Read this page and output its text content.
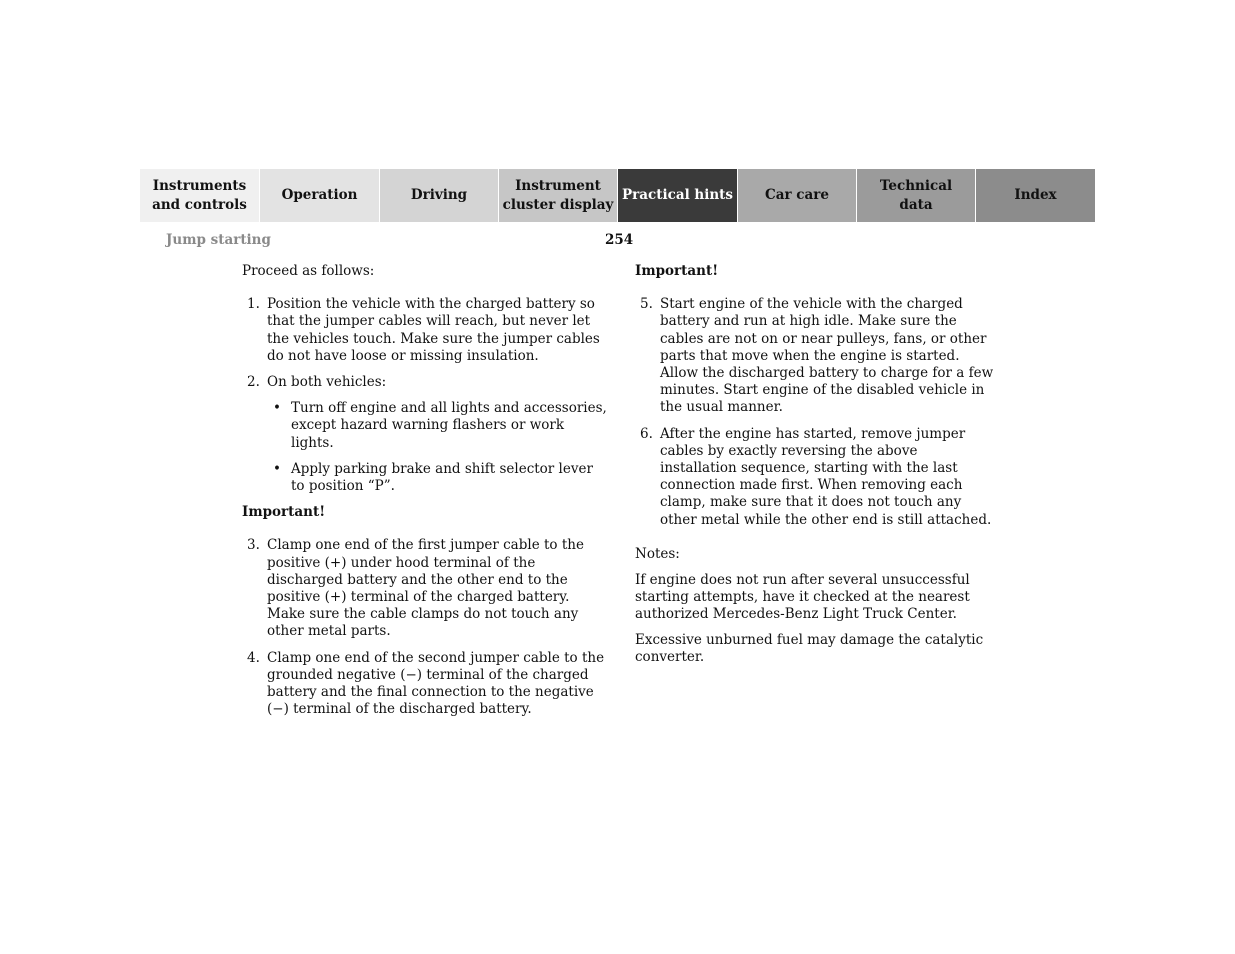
Instruments
and controls
Operation	Driving
Instrument
cluster display
Practical hints Car care
Technical
data
Index
Jump starting	254

Proceed as follows:

1. Position the vehicle with the charged battery so that the jumper cables will reach, but never let the vehicles touch. Make sure the jumper cables do not have loose or missing insulation.
2. On both vehicles:
• Turn off engine and all lights and accessories, except hazard warning flashers or work lights.
• Apply parking brake and shift selector lever to position “P”.

Important!

3. Clamp one end of the first jumper cable to the positive (+) under hood terminal of the discharged battery and the other end to the positive (+) terminal of the charged battery. Make sure the cable clamps do not touch any other metal parts.
4. Clamp one end of the second jumper cable to the grounded negative (−) terminal of the charged battery and the final connection to the negative (−) terminal of the discharged battery.

Important!

5. Start engine of the vehicle with the charged battery and run at high idle. Make sure the cables are not on or near pulleys, fans, or other parts that move when the engine is started. Allow the discharged battery to charge for a few minutes. Start engine of the disabled vehicle in the usual manner.
6. After the engine has started, remove jumper cables by exactly reversing the above installation sequence, starting with the last connection made first. When removing each clamp, make sure that it does not touch any other metal while the other end is still attached.

Notes:

If engine does not run after several unsuccessful starting attempts, have it checked at the nearest authorized Mercedes-Benz Light Truck Center.

Excessive unburned fuel may damage the catalytic converter.
